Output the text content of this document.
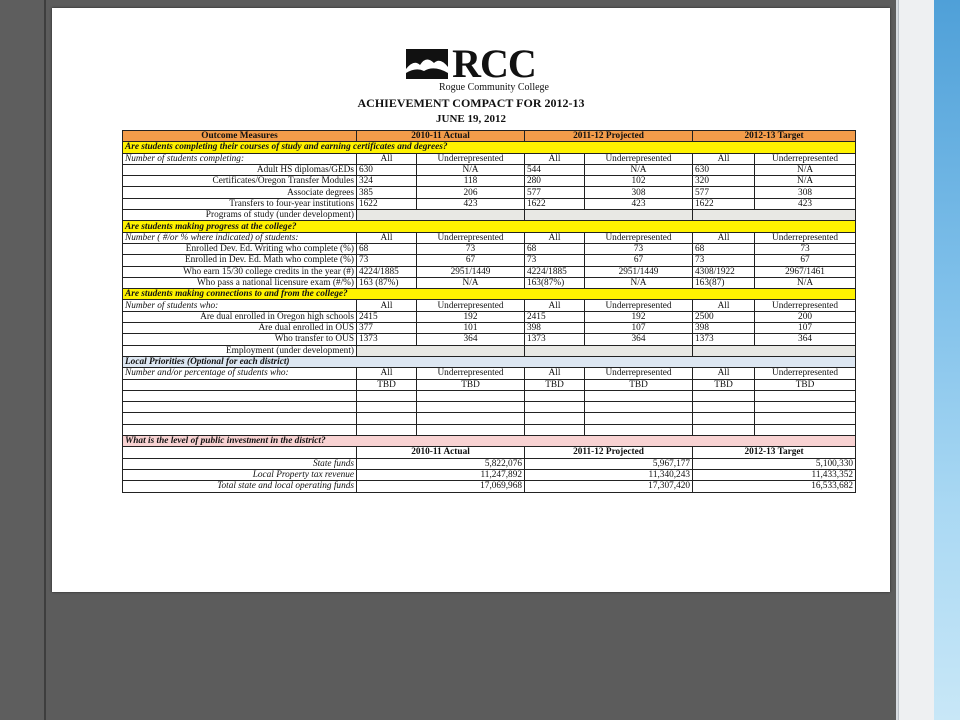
RCC
Rogue Community College
ACHIEVEMENT COMPACT FOR 2012-13
JUNE 19, 2012
Outcome Measures	2010-11 Actual		2011-12 Projected		2012-13 Target	
Are students completing their courses of study and earning certificates and degrees?						
Number of students completing:	All	Underrepresented	All	Underrepresented	All	Underrepresented
Adult HS diplomas/GEDs	630	N/A	544	N/A	630	N/A
Certificates/Oregon Transfer Modules	324	118	280	102	320	N/A
Associate degrees	385	206	577	308	577	308
Transfers to four-year institutions	1622	423	1622	423	1622	423
Programs of study (under development)						
Are students making progress at the college?						
Number ( #/or % where indicated) of students:	All	Underrepresented	All	Underrepresented	All	Underrepresented
Enrolled Dev. Ed. Writing who complete (%)	68	73	68	73	68	73
Enrolled in Dev. Ed. Math who complete (%)	73	67	73	67	73	67
Who earn 15/30 college credits in the year (#)	4224/1885	2951/1449	4224/1885	2951/1449	4308/1922	2967/1461
Who pass a national licensure exam (#/%)	163 (87%)	N/A	163(87%)	N/A	163(87)	N/A
Are students making connections to and from the college?						
Number of students who:	All	Underrepresented	All	Underrepresented	All	Underrepresented
Are dual enrolled in Oregon high schools	2415	192	2415	192	2500	200
Are dual enrolled in OUS	377	101	398	107	398	107
Who transfer to OUS	1373	364	1373	364	1373	364
Employment (under development)						
Local Priorities (Optional for each district)						
Number and/or percentage of students who:	All	Underrepresented	All	Underrepresented	All	Underrepresented
	TBD	TBD	TBD	TBD	TBD	TBD

What is the level of public investment in the district?						
	2010-11 Actual		2011-12 Projected		2012-13 Target	
State funds	5,822,076		5,967,177		5,100,330	
Local Property tax revenue	11,247,892		11,340,243		11,433,352	
Total state and local operating funds	17,069,968		17,307,420		16,533,682	
